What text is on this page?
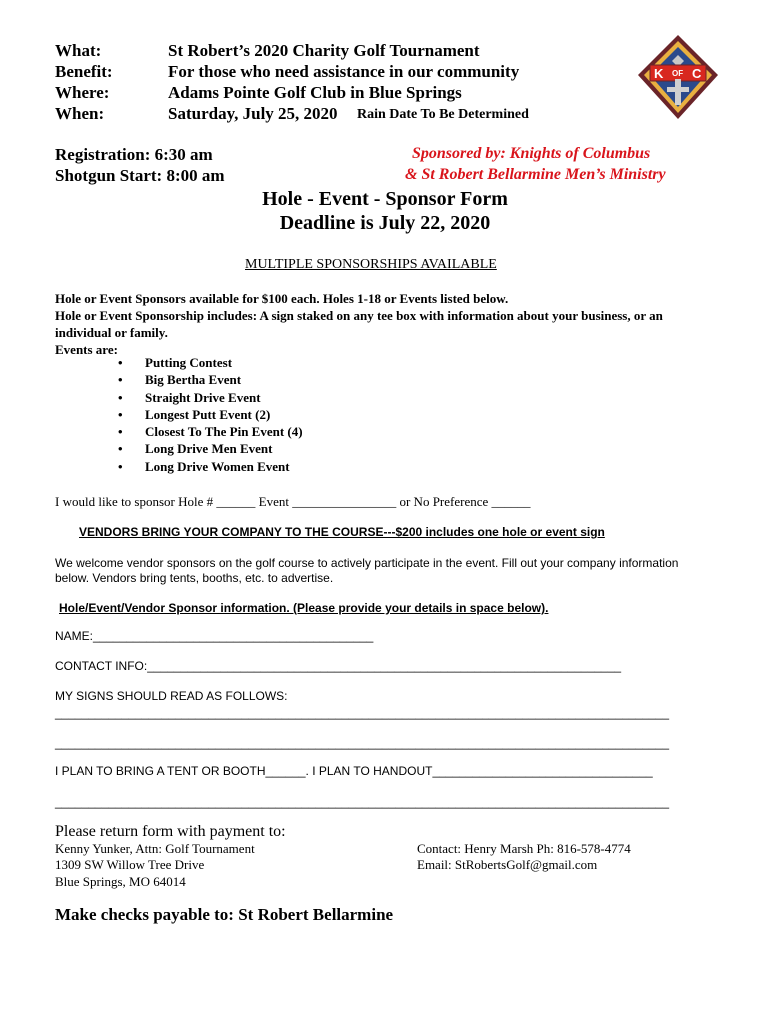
What:	St Robert’s 2020 Charity Golf Tournament
Benefit:	For those who need assistance in our community
Where:	Adams Pointe Golf Club in Blue Springs
When:	Saturday, July 25, 2020 Rain Date To Be Determined
K OF C
Registration: 6:30 am
Shotgun Start: 8:00 am
Sponsored by: Knights of Columbus
& St Robert Bellarmine Men’s Ministry
Hole - Event - Sponsor Form
Deadline is July 22, 2020
MULTIPLE SPONSORSHIPS AVAILABLE
Hole or Event Sponsors available for $100 each. Holes 1-18 or Events listed below.
Hole or Event Sponsorship includes: A sign staked on any tee box with information about your business, or an
individual or family.
Events are:
• Putting Contest
• Big Bertha Event
• Straight Drive Event
• Longest Putt Event (2)
• Closest To The Pin Event (4)
• Long Drive Men Event
• Long Drive Women Event
I would like to sponsor Hole # ______ Event ________________ or No Preference ______
VENDORS BRING YOUR COMPANY TO THE COURSE---$200 includes one hole or event sign
We welcome vendor sponsors on the golf course to actively participate in the event. Fill out your company information
below. Vendors bring tents, booths, etc. to advertise.
Hole/Event/Vendor Sponsor information. (Please provide your details in space below).
NAME:__________________________________________
CONTACT INFO:_______________________________________________________________________
MY SIGNS SHOULD READ AS FOLLOWS:
____________________________________________________________________________________________
____________________________________________________________________________________________
I PLAN TO BRING A TENT OR BOOTH______. I PLAN TO HANDOUT_________________________________
____________________________________________________________________________________________
Please return form with payment to:
Kenny Yunker, Attn: Golf Tournament
1309 SW Willow Tree Drive
Blue Springs, MO 64014
Contact: Henry Marsh Ph: 816-578-4774
Email: StRobertsGolf@gmail.com
Make checks payable to: St Robert Bellarmine
